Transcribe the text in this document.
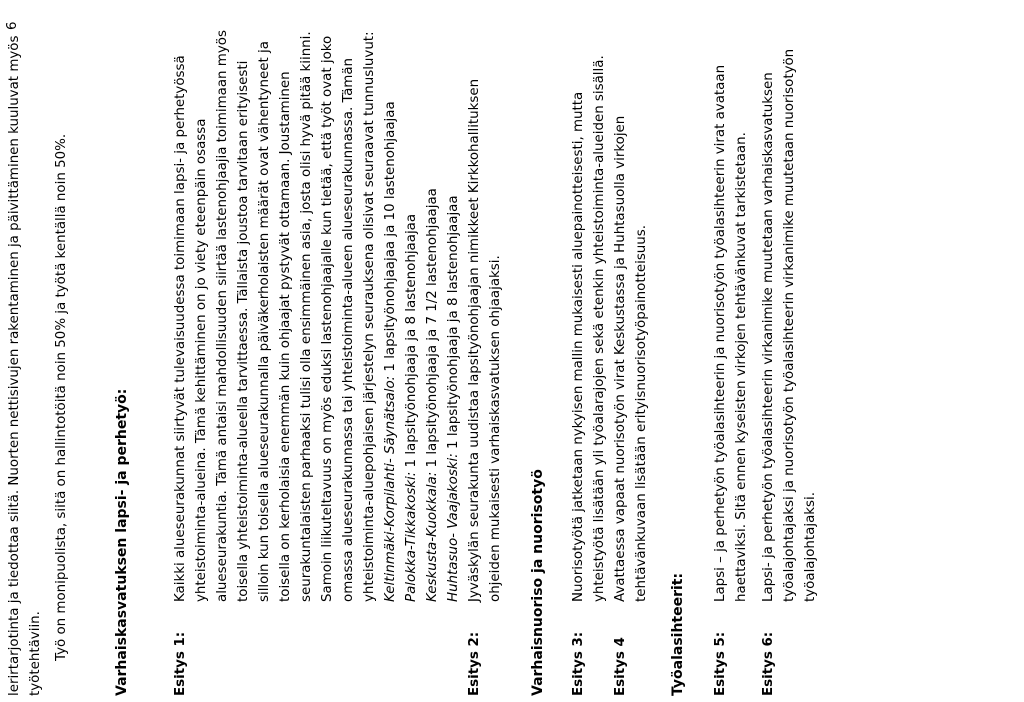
6
lerirtarjotinta ja tiedottaa siitä. Nuorten nettisivujen rakentaminen ja päivittäminen kuuluvat myös työtehtäviin. Työ on monipuolista, siitä on hallintotöitä noin 50% ja työtä kentällä noin 50%.	Varhaiskasvatuksen lapsi- ja perhetyö:	Esitys 1:
Kaikki alueseurakunnat siirtyvät tulevaisuudessa toimimaan lapsi- ja perhetyössä yhteistoiminta-alueina. Tämä kehittäminen on jo viety eteenpäin osassa alueseurakuntia. Tämä antaisi mahdollisuuden siirtää lastenohjaajia toimimaan myös toisella yhteistoiminta-alueella tarvittaessa. Tällaista joustoa tarvitaan erityisesti silloin kun toisella alueseurakunnalla päiväkerholaisten määrät ovat vähentyneet ja toisella on kerholaisia enemmän kuin ohjaajat pystyvät ottamaan. Joustaminen seurakuntalaisten parhaaksi tulisi olla ensimmäinen asia, josta olisi hyvä pitää kiinni. Samoin liikuteltavuus on myös eduksi lastenohjaajalle kun tietää, että työt ovat joko omassa alueseurakunnassa tai yhteistoiminta-alueen alueseurakunnassa. Tämän yhteistoiminta-aluepohjaisen järjestelyn seurauksena olisivat seuraavat tunnusluvut: Keltinmäki-Korpilahti- Säynätsalo: 1 lapsityönohjaajaa ja 10 lastenohjaajaa
Palokka-Tikkakoski: 1 lapsityönohjaaja ja 8 lastenohjaajaa
Keskusta-Kuokkala: 1 lapsityönohjaaja ja 7 1/2 lastenohjaajaa
Huhtasuo- Vaajakoski: 1 lapsityönohjaaja ja 8 lastenohjaajaa
Esitys 2:
Jyväskylän seurakunta uudistaa lapsityönohjaajan nimikkeet Kirkkohallituksen ohjeiden mukaisesti varhaiskasvatuksen ohjaajaksi. Varhaisnuoriso ja nuorisotyö Esitys 3:
Nuorisotyötä jatketaan nykyisen mallin mukaisesti aluepainotteisesti, mutta yhteistyötä lisätään yli työalarajojen sekä etenkin yhteistoiminta-alueiden sisällä.
Esitys 4
Avattaessa vapaat nuorisotyön virat Keskustassa ja Huhtasuolla virkojen tehtävänkuvaan lisätään erityisnuorisotyöpainotteisuus.
Työalasihteerit: Esitys 5:
Lapsi – ja perhetyön työalasihteerin ja nuorisotyön työalasihteerin virat avataan haettaviksi. Sitä ennen kyseisten virkojen tehtävänkuvat tarkistetaan.
Esitys 6:
Lapsi- ja perhetyön työalasihteerin virkanimike muutetaan varhaiskasvatuksen työalajohtajaksi ja nuorisotyön työalasihteerin virkanimike muutetaan nuorisotyön työalajohtajaksi.
